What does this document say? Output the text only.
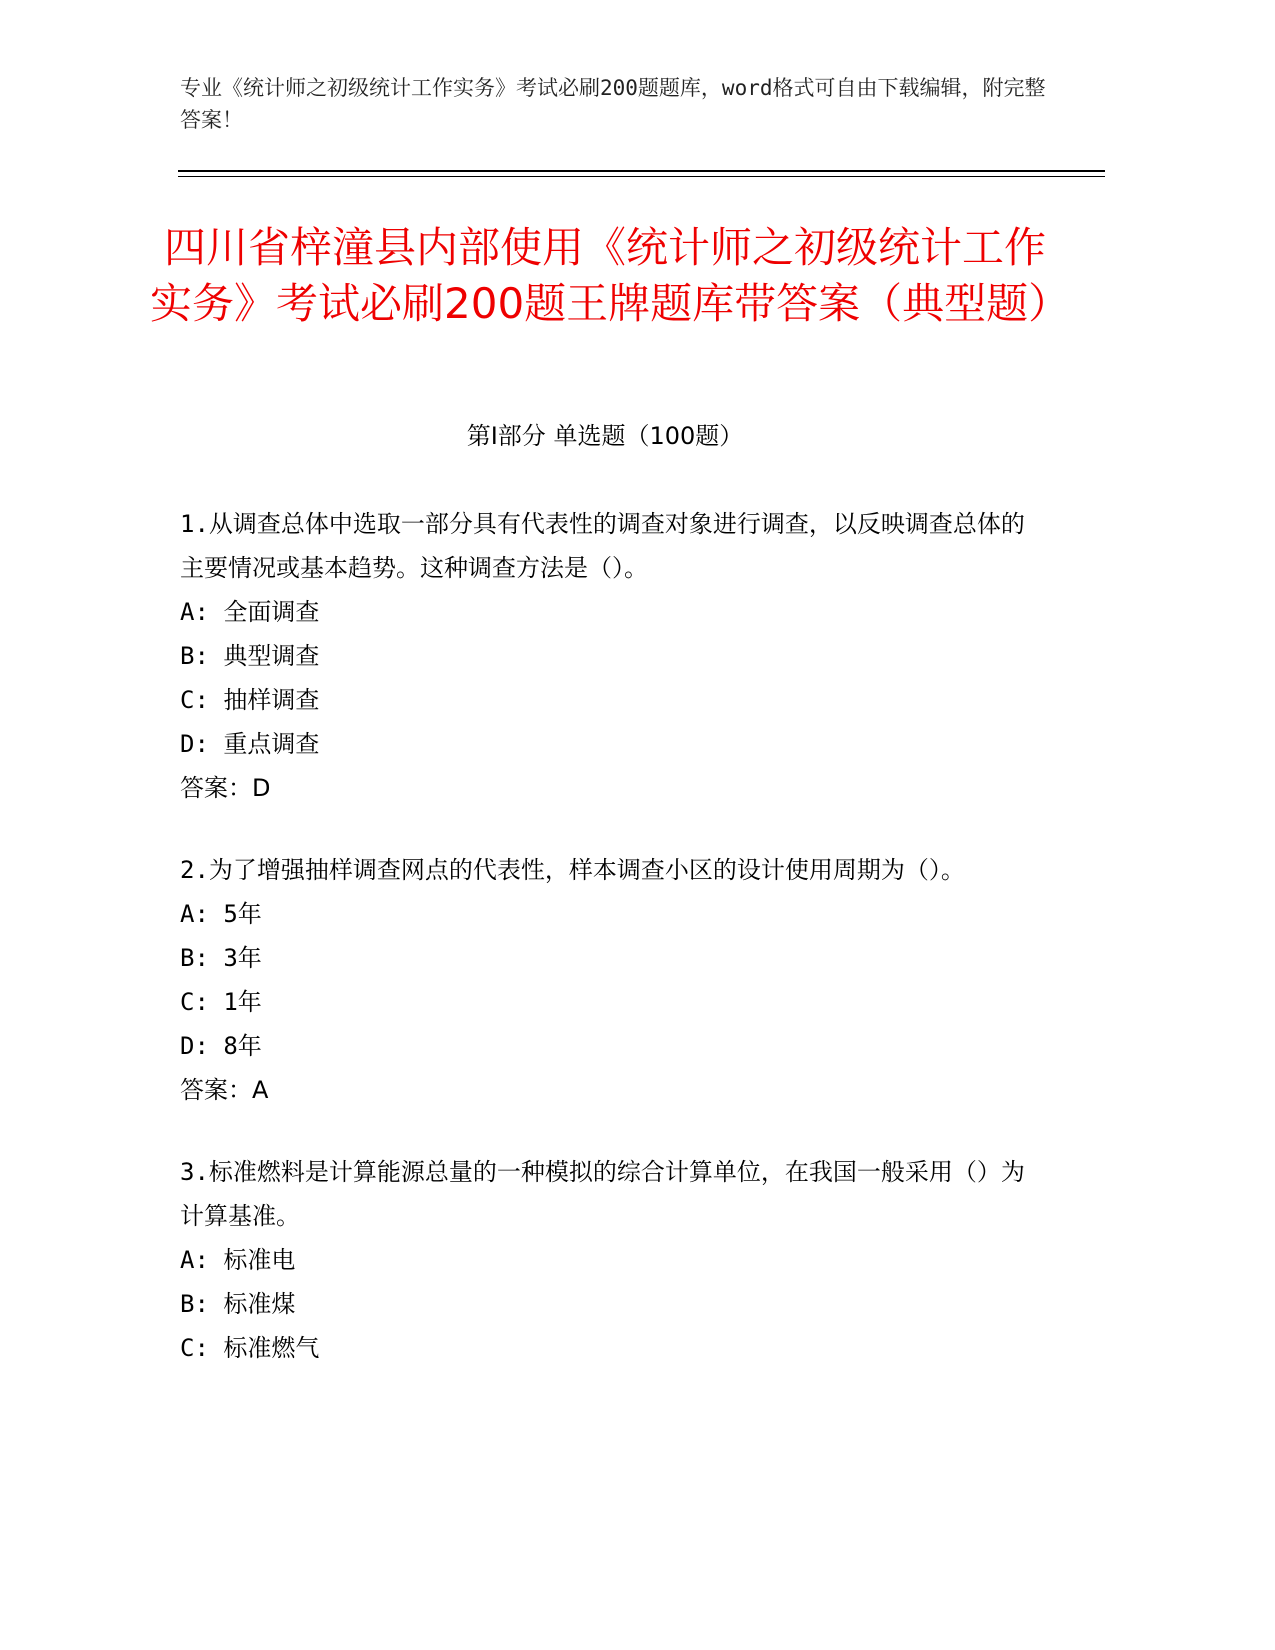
专业《统计师之初级统计工作实务》考试必刷200题题库，word格式可自由下载编辑，附完整答案！
四川省梓潼县内部使用《统计师之初级统计工作实务》考试必刷200题王牌题库带答案（典型题）
第I部分 单选题（100题）

1.从调查总体中选取一部分具有代表性的调查对象进行调查，以反映调查总体的主要情况或基本趋势。这种调查方法是（）。

A: 全面调查

B: 典型调查

C: 抽样调查

D: 重点调查

答案：D

2.为了增强抽样调查网点的代表性，样本调查小区的设计使用周期为（）。

A: 5年

B: 3年

C: 1年

D: 8年

答案：A

3.标准燃料是计算能源总量的一种模拟的综合计算单位，在我国一般采用（）为计算基准。

A: 标准电

B: 标准煤

C: 标准燃气
